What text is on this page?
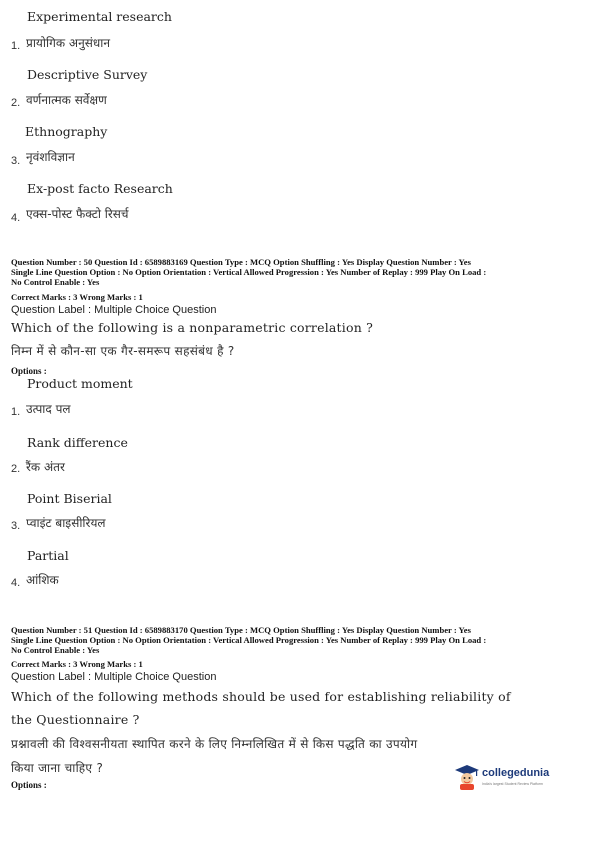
Experimental research
1. प्रायोगिक अनुसंधान
Descriptive Survey
2. वर्णनात्मक सर्वेक्षण
Ethnography
3. नृवंशविज्ञान
Ex-post facto Research
4. एक्स-पोस्ट फैक्टो रिसर्च
Question Number : 50 Question Id : 6589883169 Question Type : MCQ Option Shuffling : Yes Display Question Number : Yes
Single Line Question Option : No Option Orientation : Vertical Allowed Progression : Yes Number of Replay : 999 Play On Load :
No Control Enable : Yes
Correct Marks : 3 Wrong Marks : 1
Question Label : Multiple Choice Question
Which of the following is a nonparametric correlation ?
निम्न में से कौन-सा एक गैर-समरूप सहसंबंध है ?
Options :
Product moment
1. उत्पाद पल
Rank difference
2. रैंक अंतर
Point Biserial
3. प्वाइंट बाइसीरियल
Partial
4. आंशिक
Question Number : 51 Question Id : 6589883170 Question Type : MCQ Option Shuffling : Yes Display Question Number : Yes
Single Line Question Option : No Option Orientation : Vertical Allowed Progression : Yes Number of Replay : 999 Play On Load :
No Control Enable : Yes
Correct Marks : 3 Wrong Marks : 1
Question Label : Multiple Choice Question
Which of the following methods should be used for establishing reliability of
the Questionnaire ?
प्रश्नावली की विश्वसनीयता स्थापित करने के लिए निम्नलिखित में से किस पद्धति का उपयोग
किया जाना चाहिए ?
Options :
collegedunia
India's largest Student Review Platform
